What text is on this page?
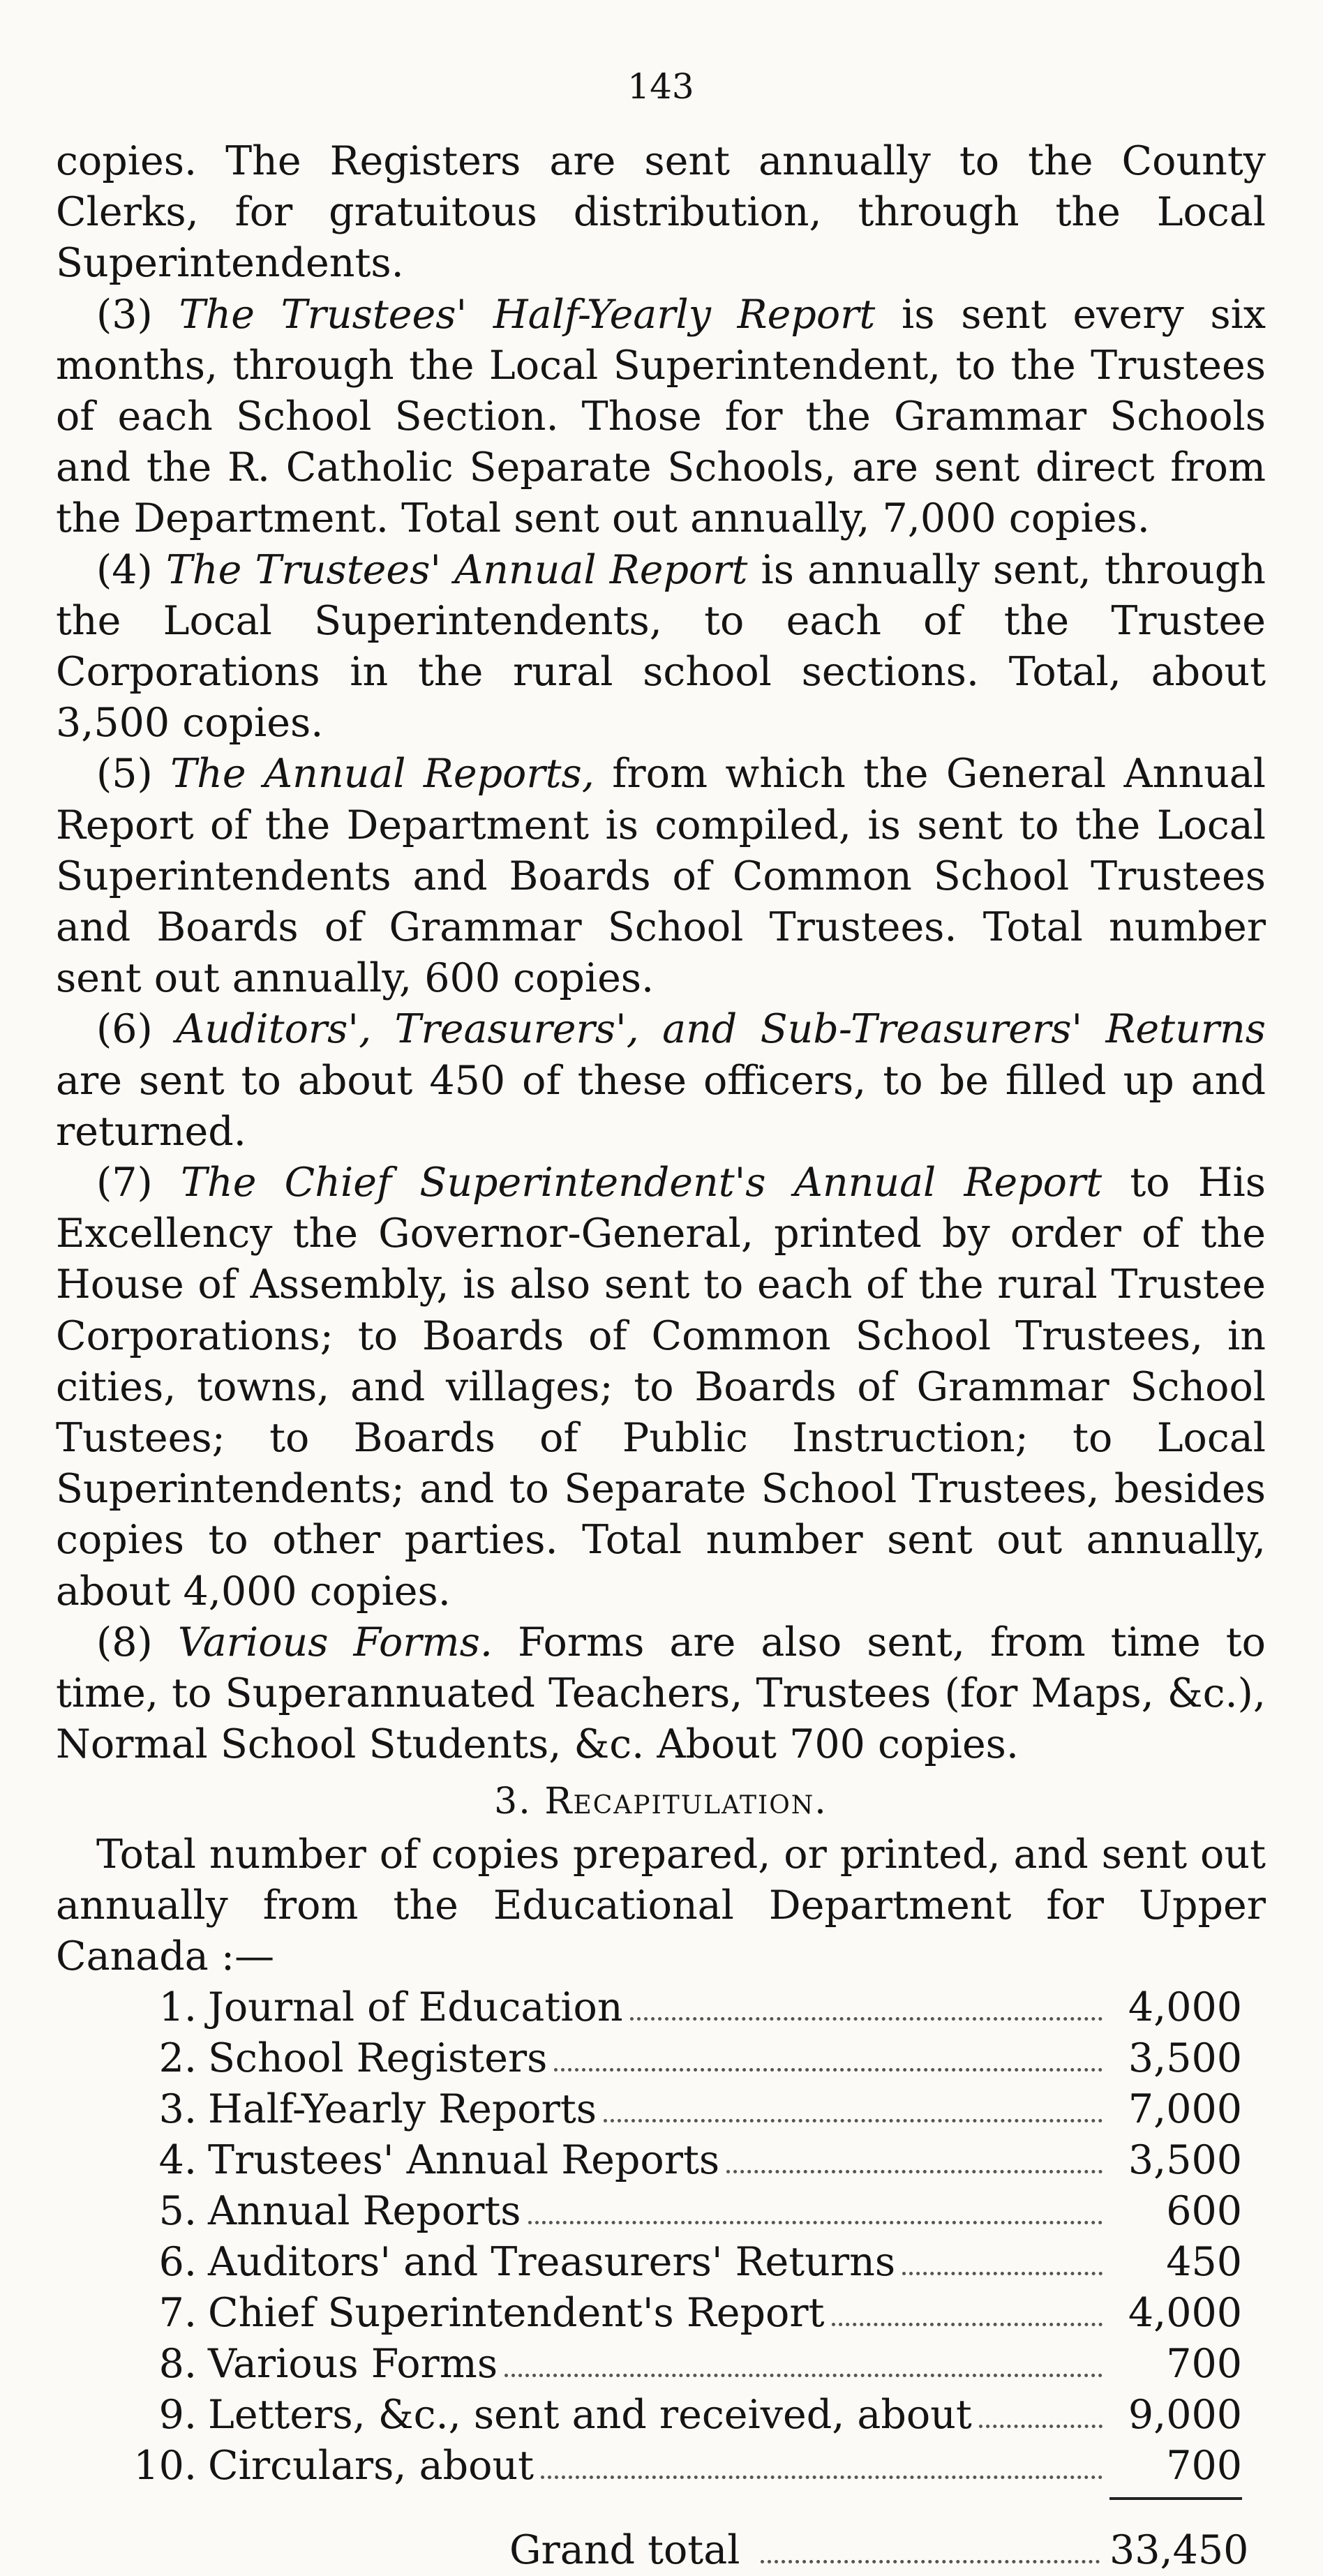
143

copies. The Registers are sent annually to the County Clerks, for gratuitous distribution, through the Local Superintendents.

(3) The Trustees' Half-Yearly Report is sent every six months, through the Local Superintendent, to the Trustees of each School Section. Those for the Grammar Schools and the R. Catholic Separate Schools, are sent direct from the Department. Total sent out annually, 7,000 copies.

(4) The Trustees' Annual Report is annually sent, through the Local Superintendents, to each of the Trustee Corporations in the rural school sections. Total, about 3,500 copies.

(5) The Annual Reports, from which the General Annual Report of the Department is compiled, is sent to the Local Superintendents and Boards of Common School Trustees and Boards of Grammar School Trustees. Total number sent out annually, 600 copies.

(6) Auditors', Treasurers', and Sub-Treasurers' Returns are sent to about 450 of these officers, to be filled up and returned.

(7) The Chief Superintendent's Annual Report to His Excellency the Governor-General, printed by order of the House of Assembly, is also sent to each of the rural Trustee Corporations; to Boards of Common School Trustees, in cities, towns, and villages; to Boards of Grammar School Tustees; to Boards of Public Instruction; to Local Superintendents; and to Separate School Trustees, besides copies to other parties. Total number sent out annually, about 4,000 copies.

(8) Various Forms. Forms are also sent, from time to time, to Superannuated Teachers, Trustees (for Maps, &c.), Normal School Students, &c. About 700 copies.

3. Recapitulation.

Total number of copies prepared, or printed, and sent out annually from the Educational Department for Upper Canada :—

1. Journal of Education	4,000
2. School Registers	3,500
3. Half-Yearly Reports	7,000
4. Trustees' Annual Reports	3,500
5. Annual Reports	600
6. Auditors' and Treasurers' Returns	450
7. Chief Superintendent's Report	4,000
8. Various Forms	700
9. Letters, &c., sent and received, about	9,000
10. Circulars, about	700
Grand total	33,450
